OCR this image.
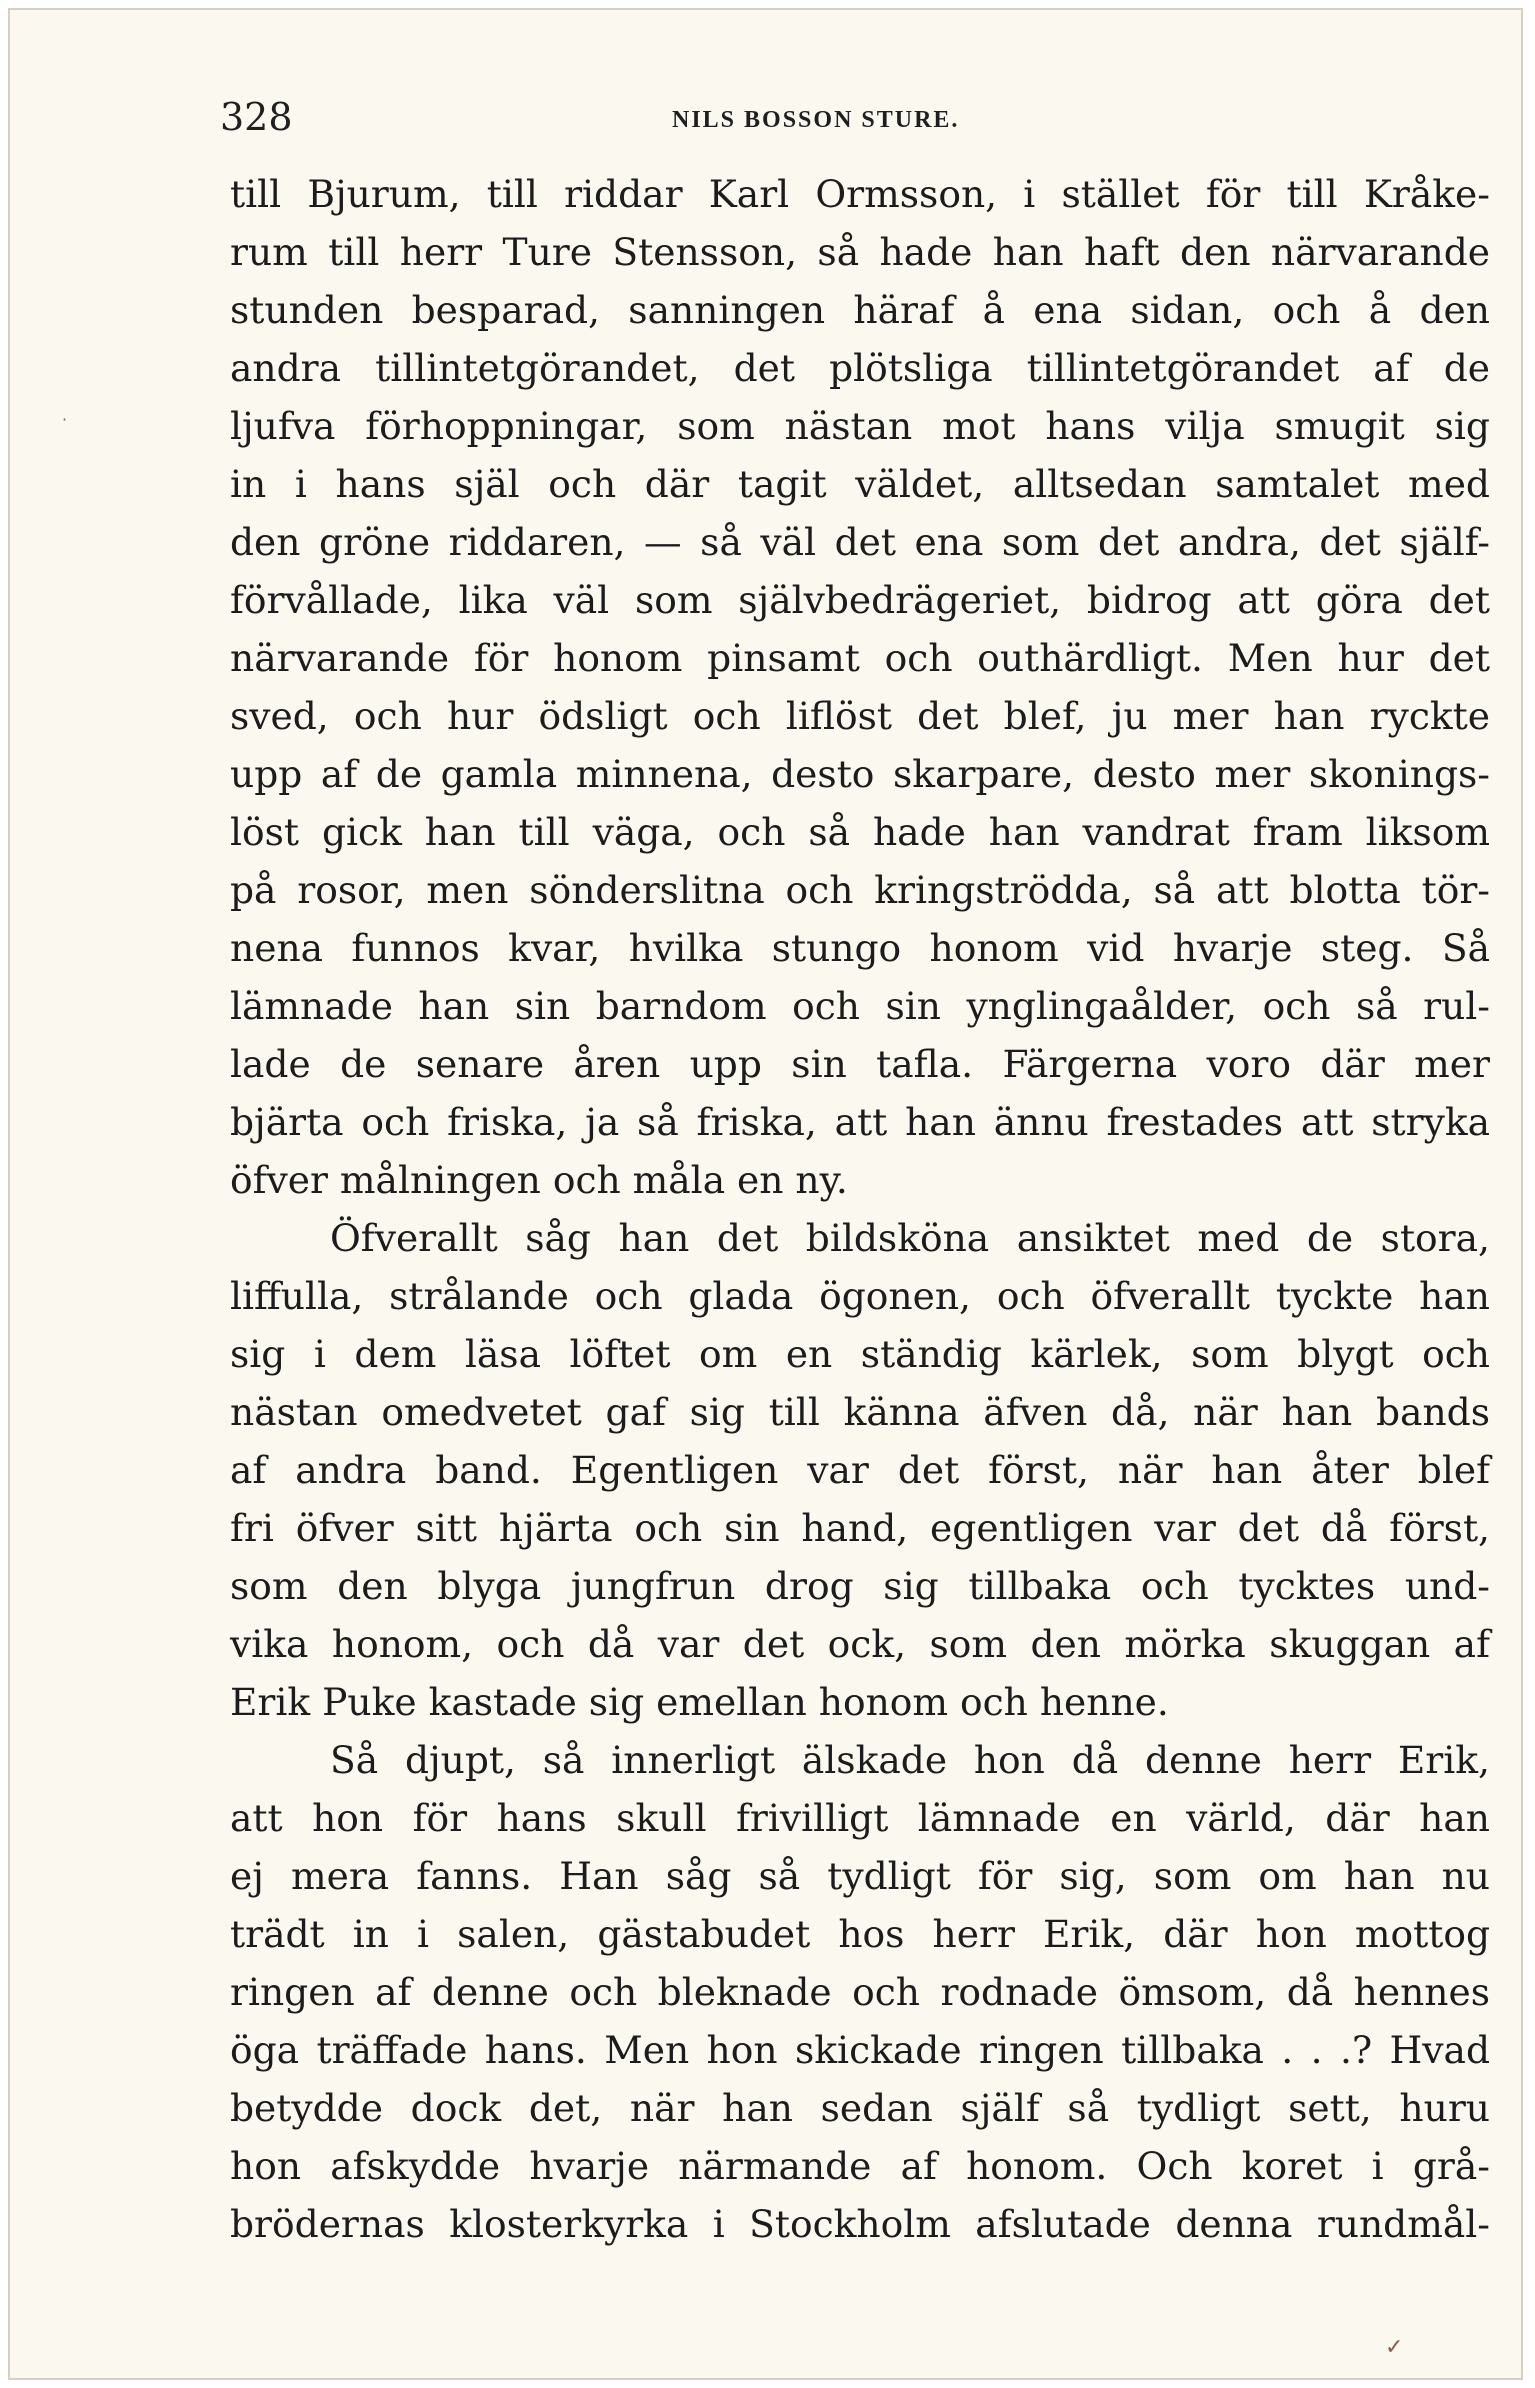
328	NILS BOSSON STURE.
till Bjurum, till riddar Karl Ormsson, i stället för till Kråke-
rum till herr Ture Stensson, så hade han haft den närvarande
stunden besparad, sanningen häraf å ena sidan, och å den
andra tillintetgörandet, det plötsliga tillintetgörandet af de
ljufva förhoppningar, som nästan mot hans vilja smugit sig
in i hans själ och där tagit väldet, alltsedan samtalet med
den gröne riddaren, — så väl det ena som det andra, det själf-
förvållade, lika väl som självbedrägeriet, bidrog att göra det
närvarande för honom pinsamt och outhärdligt. Men hur det
sved, och hur ödsligt och liflöst det blef, ju mer han ryckte
upp af de gamla minnena, desto skarpare, desto mer skonings-
löst gick han till väga, och så hade han vandrat fram liksom
på rosor, men sönderslitna och kringströdda, så att blotta tör-
nena funnos kvar, hvilka stungo honom vid hvarje steg. Så
lämnade han sin barndom och sin ynglingaålder, och så rul-
lade de senare åren upp sin tafla. Färgerna voro där mer
bjärta och friska, ja så friska, att han ännu frestades att stryka
öfver målningen och måla en ny.
Öfverallt såg han det bildsköna ansiktet med de stora,
liffulla, strålande och glada ögonen, och öfverallt tyckte han
sig i dem läsa löftet om en ständig kärlek, som blygt och
nästan omedvetet gaf sig till känna äfven då, när han bands
af andra band. Egentligen var det först, när han åter blef
fri öfver sitt hjärta och sin hand, egentligen var det då först,
som den blyga jungfrun drog sig tillbaka och tycktes und-
vika honom, och då var det ock, som den mörka skuggan af
Erik Puke kastade sig emellan honom och henne.
Så djupt, så innerligt älskade hon då denne herr Erik,
att hon för hans skull frivilligt lämnade en värld, där han
ej mera fanns. Han såg så tydligt för sig, som om han nu
trädt in i salen, gästabudet hos herr Erik, där hon mottog
ringen af denne och bleknade och rodnade ömsom, då hennes
öga träffade hans. Men hon skickade ringen tillbaka . . .? Hvad
betydde dock det, när han sedan själf så tydligt sett, huru
hon afskydde hvarje närmande af honom. Och koret i grå-
brödernas klosterkyrka i Stockholm afslutade denna rundmål-
·
✓
